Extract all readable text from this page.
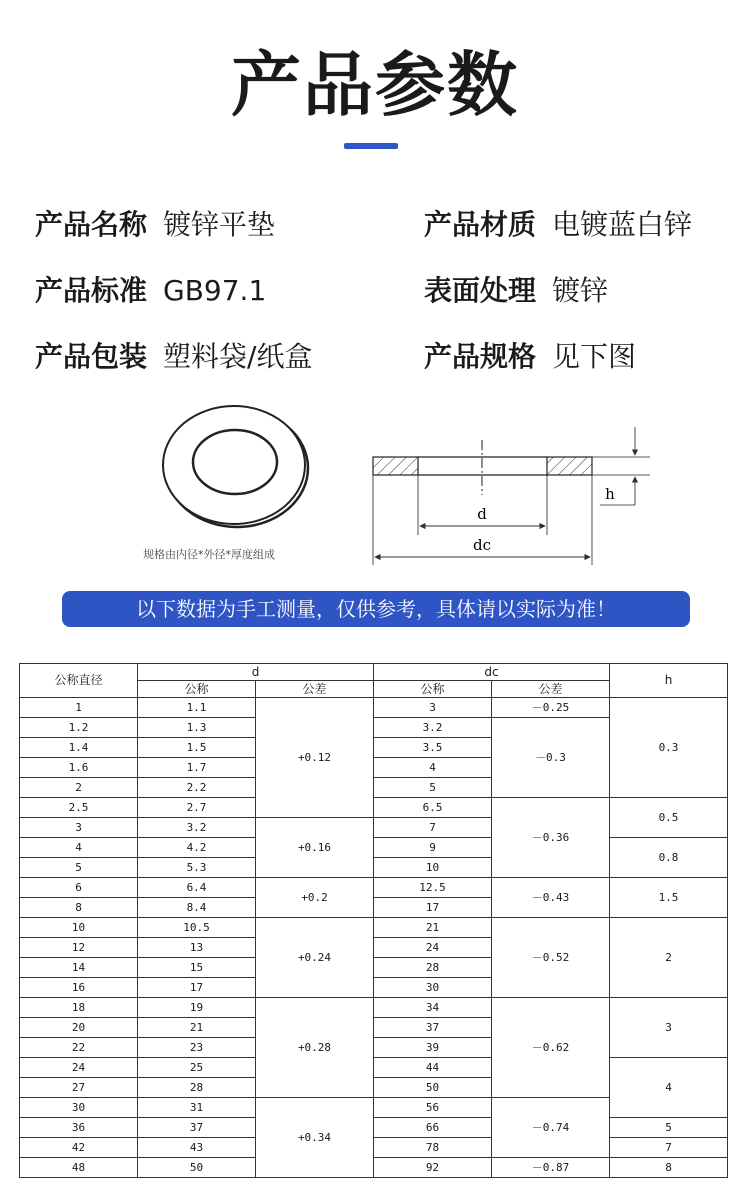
产品参数
产品名称 镀锌平垫	产品材质 电镀蓝白锌
产品标准 GB97.1	表面处理 镀锌
产品包装 塑料袋/纸盒	产品规格 见下图
d
dc
h
规格由内径*外径*厚度组成
以下数据为手工测量，仅供参考，具体请以实际为准！
公称直径	d		dc		h
	公称	公差	公称	公差	
1	1.1	+0.12	3	－0.25	0.3
1.2	1.3		3.2	－0.3	
1.4	1.5		3.5		
1.6	1.7		4		
2	2.2		5		
2.5	2.7		6.5	－0.36	0.5
3	3.2	+0.16	7		
4	4.2		9		0.8
5	5.3		10		
6	6.4	+0.2	12.5	－0.43	1.5
8	8.4		17		
10	10.5	+0.24	21	－0.52	2
12	13		24		
14	15		28		
16	17		30		
18	19	+0.28	34	－0.62	3
20	21		37		
22	23		39		
24	25		44		4
27	28		50		
30	31	+0.34	56	－0.74	
36	37		66		5
42	43		78		7
48	50		92	－0.87	8
